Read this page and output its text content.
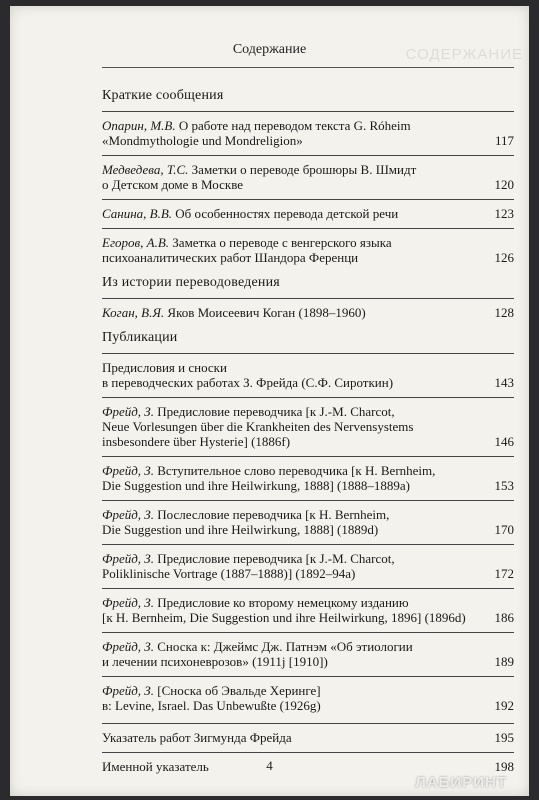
СОДЕРЖАНИЕ
Содержание
Краткие сообщения
Опарин, М.В. О работе над переводом текста G. Róheim
«Mondmythologie und Mondreligion»	117
Медведева, Т.С. Заметки о переводе брошюры В. Шмидт
о Детском доме в Москве	120
Санина, В.В. Об особенностях перевода детской речи	123
Егоров, А.В. Заметка о переводе с венгерского языка
психоаналитических работ Шандора Ференци	126
Из истории переводоведения
Коган, В.Я. Яков Моисеевич Коган (1898–1960)	128
Публикации
Предисловия и сноски
в переводческих работах З. Фрейда (С.Ф. Сироткин)	143
Фрейд, З. Предисловие переводчика [к J.-M. Charcot,
Neue Vorlesungen über die Krankheiten des Nervensystems
insbesondere über Hysterie] (1886f)	146
Фрейд, З. Вступительное слово переводчика [к H. Bernheim,
Die Suggestion und ihre Heilwirkung, 1888] (1888–1889a)	153
Фрейд, З. Послесловие переводчика [к H. Bernheim,
Die Suggestion und ihre Heilwirkung, 1888] (1889d)	170
Фрейд, З. Предисловие переводчика [к J.-M. Charcot,
Poliklinische Vortrage (1887–1888)] (1892–94a)	172
Фрейд, З. Предисловие ко второму немецкому изданию
[к H. Bernheim, Die Suggestion und ihre Heilwirkung, 1896] (1896d)	186
Фрейд, З. Сноска к: Джеймс Дж. Патнэм «Об этиологии
и лечении психоневрозов» (1911j [1910])	189
Фрейд, З. [Сноска об Эвальде Херинге]
в: Levine, Israel. Das Unbewußte (1926g)	192
Указатель работ Зигмунда Фрейда	195
Именной указатель	198
4
ЛАБИРИНТ
